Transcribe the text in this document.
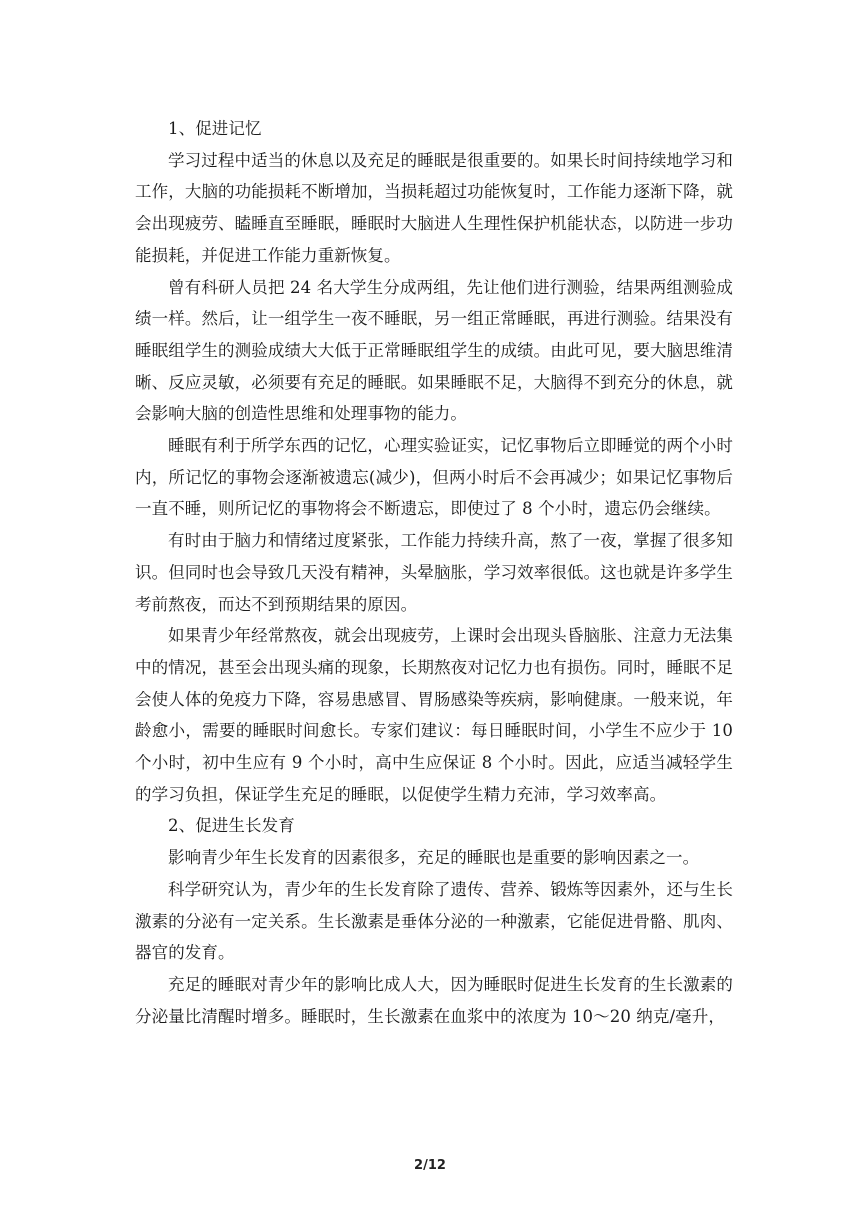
1、促进记忆

学习过程中适当的休息以及充足的睡眠是很重要的。如果长时间持续地学习和工作，大脑的功能损耗不断增加，当损耗超过功能恢复时，工作能力逐渐下降，就会出现疲劳、瞌睡直至睡眠，睡眠时大脑进人生理性保护机能状态，以防进一步功能损耗，并促进工作能力重新恢复。

曾有科研人员把 24 名大学生分成两组，先让他们进行测验，结果两组测验成绩一样。然后，让一组学生一夜不睡眠，另一组正常睡眠，再进行测验。结果没有睡眠组学生的测验成绩大大低于正常睡眠组学生的成绩。由此可见，要大脑思维清晰、反应灵敏，必须要有充足的睡眠。如果睡眠不足，大脑得不到充分的休息，就会影响大脑的创造性思维和处理事物的能力。

睡眠有利于所学东西的记忆，心理实验证实，记忆事物后立即睡觉的两个小时内，所记忆的事物会逐渐被遗忘(减少)，但两小时后不会再减少；如果记忆事物后一直不睡，则所记忆的事物将会不断遗忘，即使过了 8 个小时，遗忘仍会继续。

有时由于脑力和情绪过度紧张，工作能力持续升高，熬了一夜，掌握了很多知识。但同时也会导致几天没有精神，头晕脑胀，学习效率很低。这也就是许多学生考前熬夜，而达不到预期结果的原因。

如果青少年经常熬夜，就会出现疲劳，上课时会出现头昏脑胀、注意力无法集中的情况，甚至会出现头痛的现象，长期熬夜对记忆力也有损伤。同时，睡眠不足会使人体的免疫力下降，容易患感冒、胃肠感染等疾病，影响健康。一般来说，年龄愈小，需要的睡眠时间愈长。专家们建议：每日睡眠时间，小学生不应少于 10 个小时，初中生应有 9 个小时，高中生应保证 8 个小时。因此，应适当减轻学生的学习负担，保证学生充足的睡眠，以促使学生精力充沛，学习效率高。

2、促进生长发育

影响青少年生长发育的因素很多，充足的睡眠也是重要的影响因素之一。

科学研究认为，青少年的生长发育除了遗传、营养、锻炼等因素外，还与生长激素的分泌有一定关系。生长激素是垂体分泌的一种激素，它能促进骨骼、肌肉、器官的发育。

充足的睡眠对青少年的影响比成人大，因为睡眠时促进生长发育的生长激素的分泌量比清醒时增多。睡眠时，生长激素在血浆中的浓度为 10～20 纳克/毫升，

2/12
